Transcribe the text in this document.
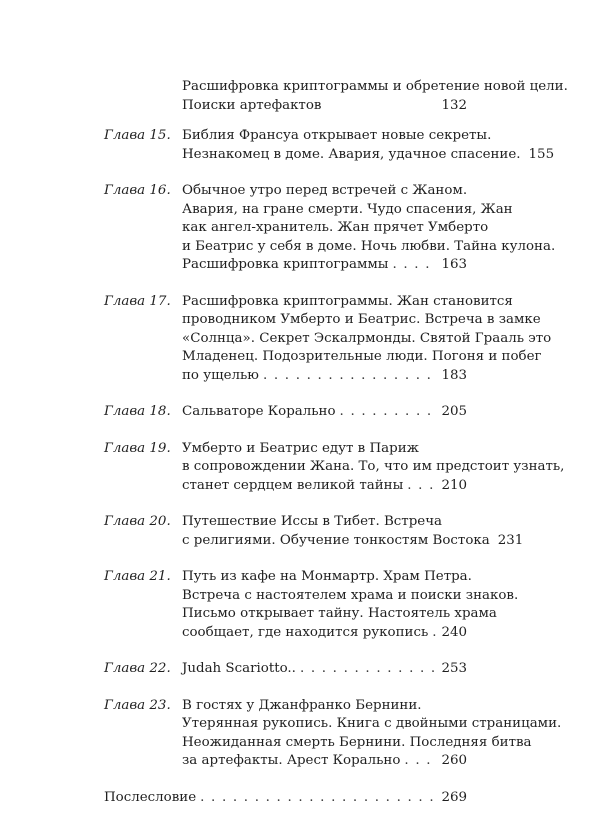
Расшифровка криптограммы и обретение новой цели.
Поиски артефактов	132
Глава 15. Библия Франсуа открывает новые секреты.
Незнакомец в доме. Авария, удачное спасение. 155
Глава 16. Обычное утро перед встречей с Жаном.
Авария, на гране смерти. Чудо спасения, Жан
как ангел-хранитель. Жан прячет Умберто
и Беатрис у себя в доме. Ночь любви. Тайна кулона.
Расшифровка криптограммы . . .	163
Глава 17. Расшифровка криптограммы. Жан становится
проводником Умберто и Беатрис. Встреча в замке
«Солнца». Секрет Эскалрмонды. Святой Грааль это
Младенец. Подозрительные люди. Погоня и побег
по ущелью . . .	183
Глава 18. Сальваторе Корально . . .	205
Глава 19. Умберто и Беатрис едут в Париж
в сопровождении Жана. То, что им предстоит узнать,
станет сердцем великой тайны . . .	210
Глава 20. Путешествие Иссы в Тибет. Встреча
с религиями. Обучение тонкостям Востока 231
Глава 21. Путь из кафе на Монмартр. Храм Петра.
Встреча с настоятелем храма и поиски знаков.
Письмо открывает тайну. Настоятель храма
сообщает, где находится рукопись . . . 240
Глава 22. Judah Scariotto.. . . .	253
Глава 23. В гостях у Джанфранко Бернини.
Утерянная рукопись. Книга с двойными страницами.
Неожиданная смерть Бернини. Последняя битва
за артефакты. Арест Корально . . .	260
Послесловие . . .	269
